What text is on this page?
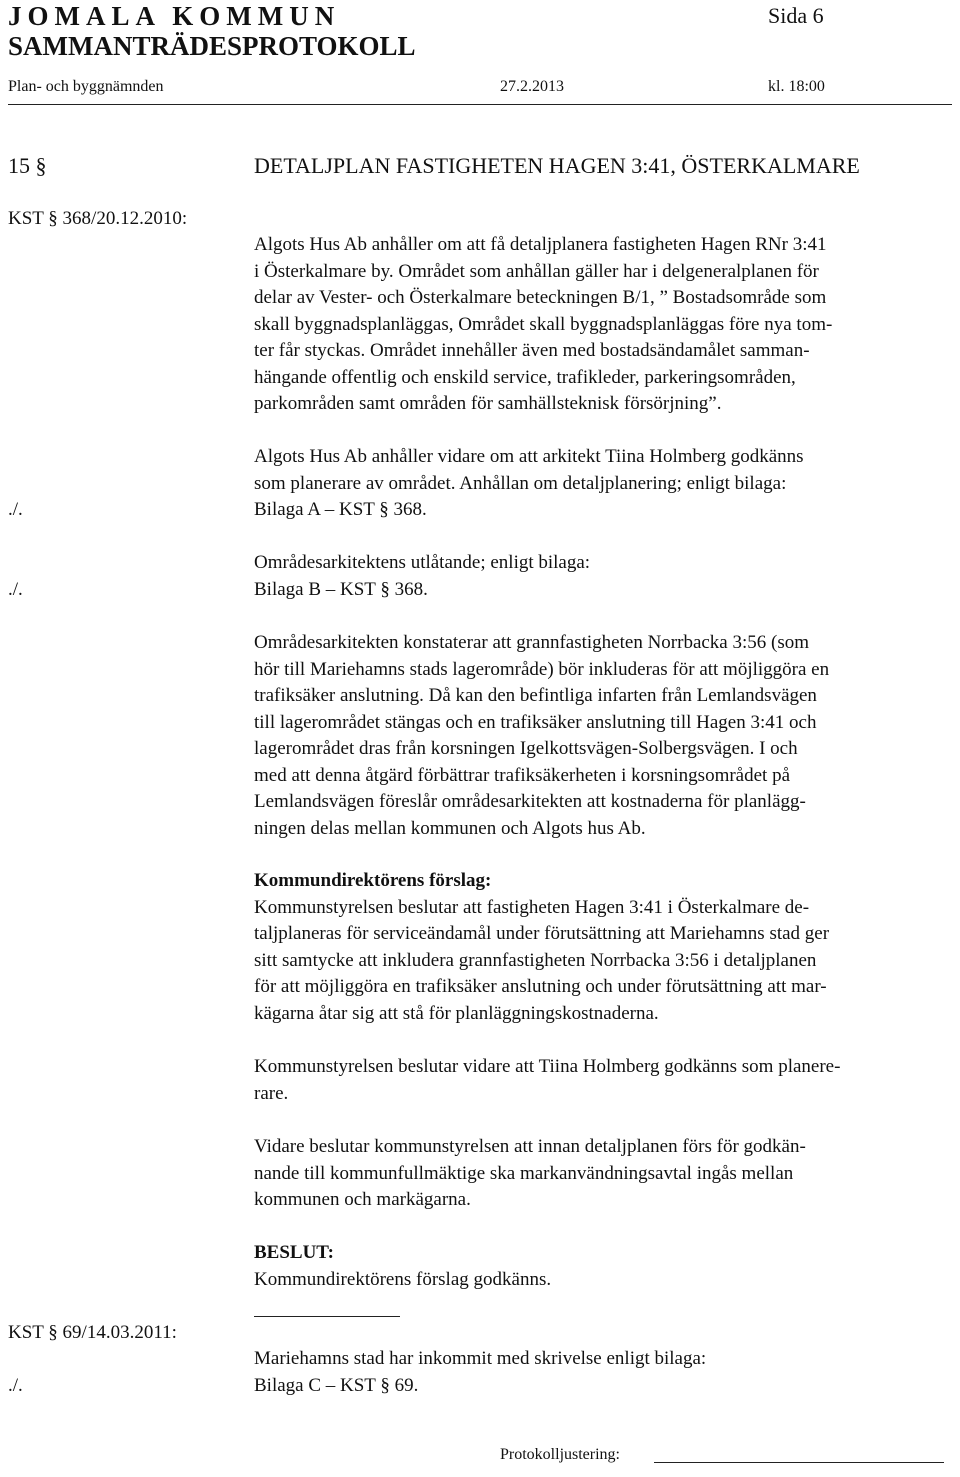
JOMALA KOMMUN
SAMMANTRÄDESPROTOKOLL
Sida 6
Plan- och byggnämnden	27.2.2013	kl. 18:00
15 §	DETALJPLAN FASTIGHETEN HAGEN 3:41, ÖSTERKALMARE
KST § 368/20.12.2010:
Algots Hus Ab anhåller om att få detaljplanera fastigheten Hagen RNr 3:41
i Österkalmare by. Området som anhållan gäller har i delgeneralplanen för
delar av Vester- och Österkalmare beteckningen B/1, ” Bostadsområde som
skall byggnadsplanläggas, Området skall byggnadsplanläggas före nya tom-
ter får styckas. Området innehåller även med bostadsändamålet samman-
hängande offentlig och enskild service, trafikleder, parkeringsområden,
parkområden samt områden för samhällsteknisk försörjning”.
Algots Hus Ab anhåller vidare om att arkitekt Tiina Holmberg godkänns
som planerare av området. Anhållan om detaljplanering; enligt bilaga:
Bilaga A – KST § 368.
./.
Områdesarkitektens utlåtande; enligt bilaga:
Bilaga B – KST § 368.
./.
Områdesarkitekten konstaterar att grannfastigheten Norrbacka 3:56 (som
hör till Mariehamns stads lagerområde) bör inkluderas för att möjliggöra en
trafiksäker anslutning. Då kan den befintliga infarten från Lemlandsvägen
till lagerområdet stängas och en trafiksäker anslutning till Hagen 3:41 och
lagerområdet dras från korsningen Igelkottsvägen-Solbergsvägen. I och
med att denna åtgärd förbättrar trafiksäkerheten i korsningsområdet på
Lemlandsvägen föreslår områdesarkitekten att kostnaderna för planlägg-
ningen delas mellan kommunen och Algots hus Ab.
Kommundirektörens förslag:
Kommunstyrelsen beslutar att fastigheten Hagen 3:41 i Österkalmare de-
taljplaneras för serviceändamål under förutsättning att Mariehamns stad ger
sitt samtycke att inkludera grannfastigheten Norrbacka 3:56 i detaljplanen
för att möjliggöra en trafiksäker anslutning och under förutsättning att mar-
kägarna åtar sig att stå för planläggningskostnaderna.
Kommunstyrelsen beslutar vidare att Tiina Holmberg godkänns som planere-
rare.
Vidare beslutar kommunstyrelsen att innan detaljplanen förs för godkän-
nande till kommunfullmäktige ska markanvändningsavtal ingås mellan
kommunen och markägarna.
BESLUT:
Kommundirektörens förslag godkänns.
KST § 69/14.03.2011:
Mariehamns stad har inkommit med skrivelse enligt bilaga:
Bilaga C – KST § 69.
./.
Protokolljustering:
